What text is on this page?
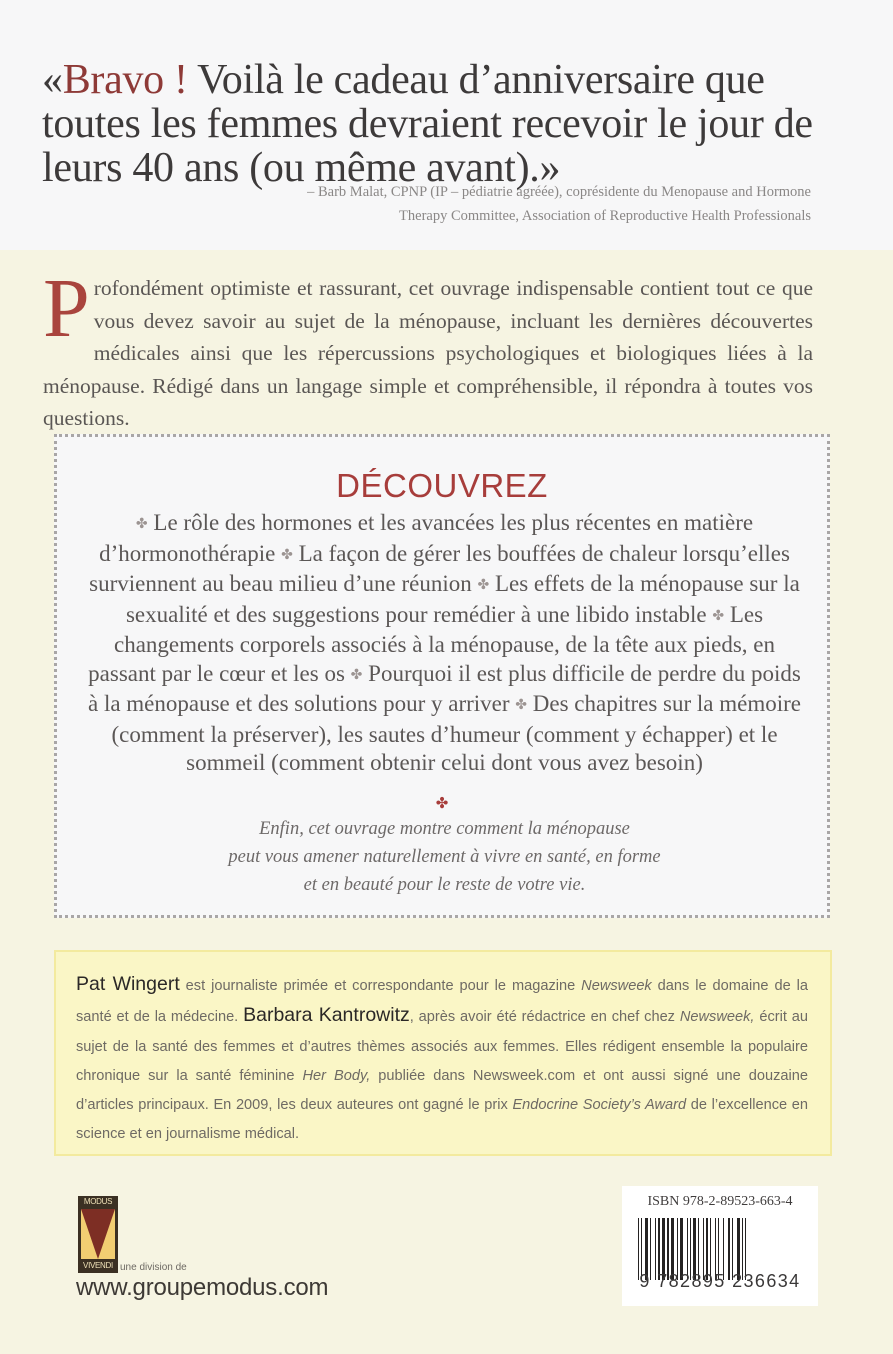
«Bravo ! Voilà le cadeau d’anniversaire que toutes les femmes devraient recevoir le jour de leurs 40 ans (ou même avant).»
– Barb Malat, CPNP (IP – pédiatrie agréée), coprésidente du Menopause and Hormone
Therapy Committee, Association of Reproductive Health Professionals
Profondément optimiste et rassurant, cet ouvrage indispensable contient tout ce que vous devez savoir au sujet de la ménopause, incluant les dernières découvertes médicales ainsi que les répercussions psychologiques et biologiques liées à la ménopause. Rédigé dans un langage simple et compréhensible, il répondra à toutes vos questions.
DÉCOUVREZ
✤ Le rôle des hormones et les avancées les plus récentes en matière d’hormonothérapie ✤ La façon de gérer les bouffées de chaleur lorsqu’elles surviennent au beau milieu d’une réunion ✤ Les effets de la ménopause sur la sexualité et des suggestions pour remédier à une libido instable ✤ Les changements corporels associés à la ménopause, de la tête aux pieds, en passant par le cœur et les os ✤ Pourquoi il est plus difficile de perdre du poids à la ménopause et des solutions pour y arriver ✤ Des chapitres sur la mémoire (comment la préserver), les sautes d’humeur (comment y échapper) et le sommeil (comment obtenir celui dont vous avez besoin)
✤
Enfin, cet ouvrage montre comment la ménopause
peut vous amener naturellement à vivre en santé, en forme
et en beauté pour le reste de votre vie.
Pat Wingert est journaliste primée et correspondante pour le magazine Newsweek dans le domaine de la santé et de la médecine. Barbara Kantrowitz, après avoir été rédactrice en chef chez Newsweek, écrit au sujet de la santé des femmes et d’autres thèmes associés aux femmes. Elles rédigent ensemble la populaire chronique sur la santé féminine Her Body, publiée dans Newsweek.com et ont aussi signé une douzaine d’articles principaux. En 2009, les deux auteures ont gagné le prix Endocrine Society’s Award de l’excellence en science et en journalisme médical.
MODUS
VIVENDI une division de
www.groupemodus.com
ISBN 978-2-89523-663-4
9 782895 236634
